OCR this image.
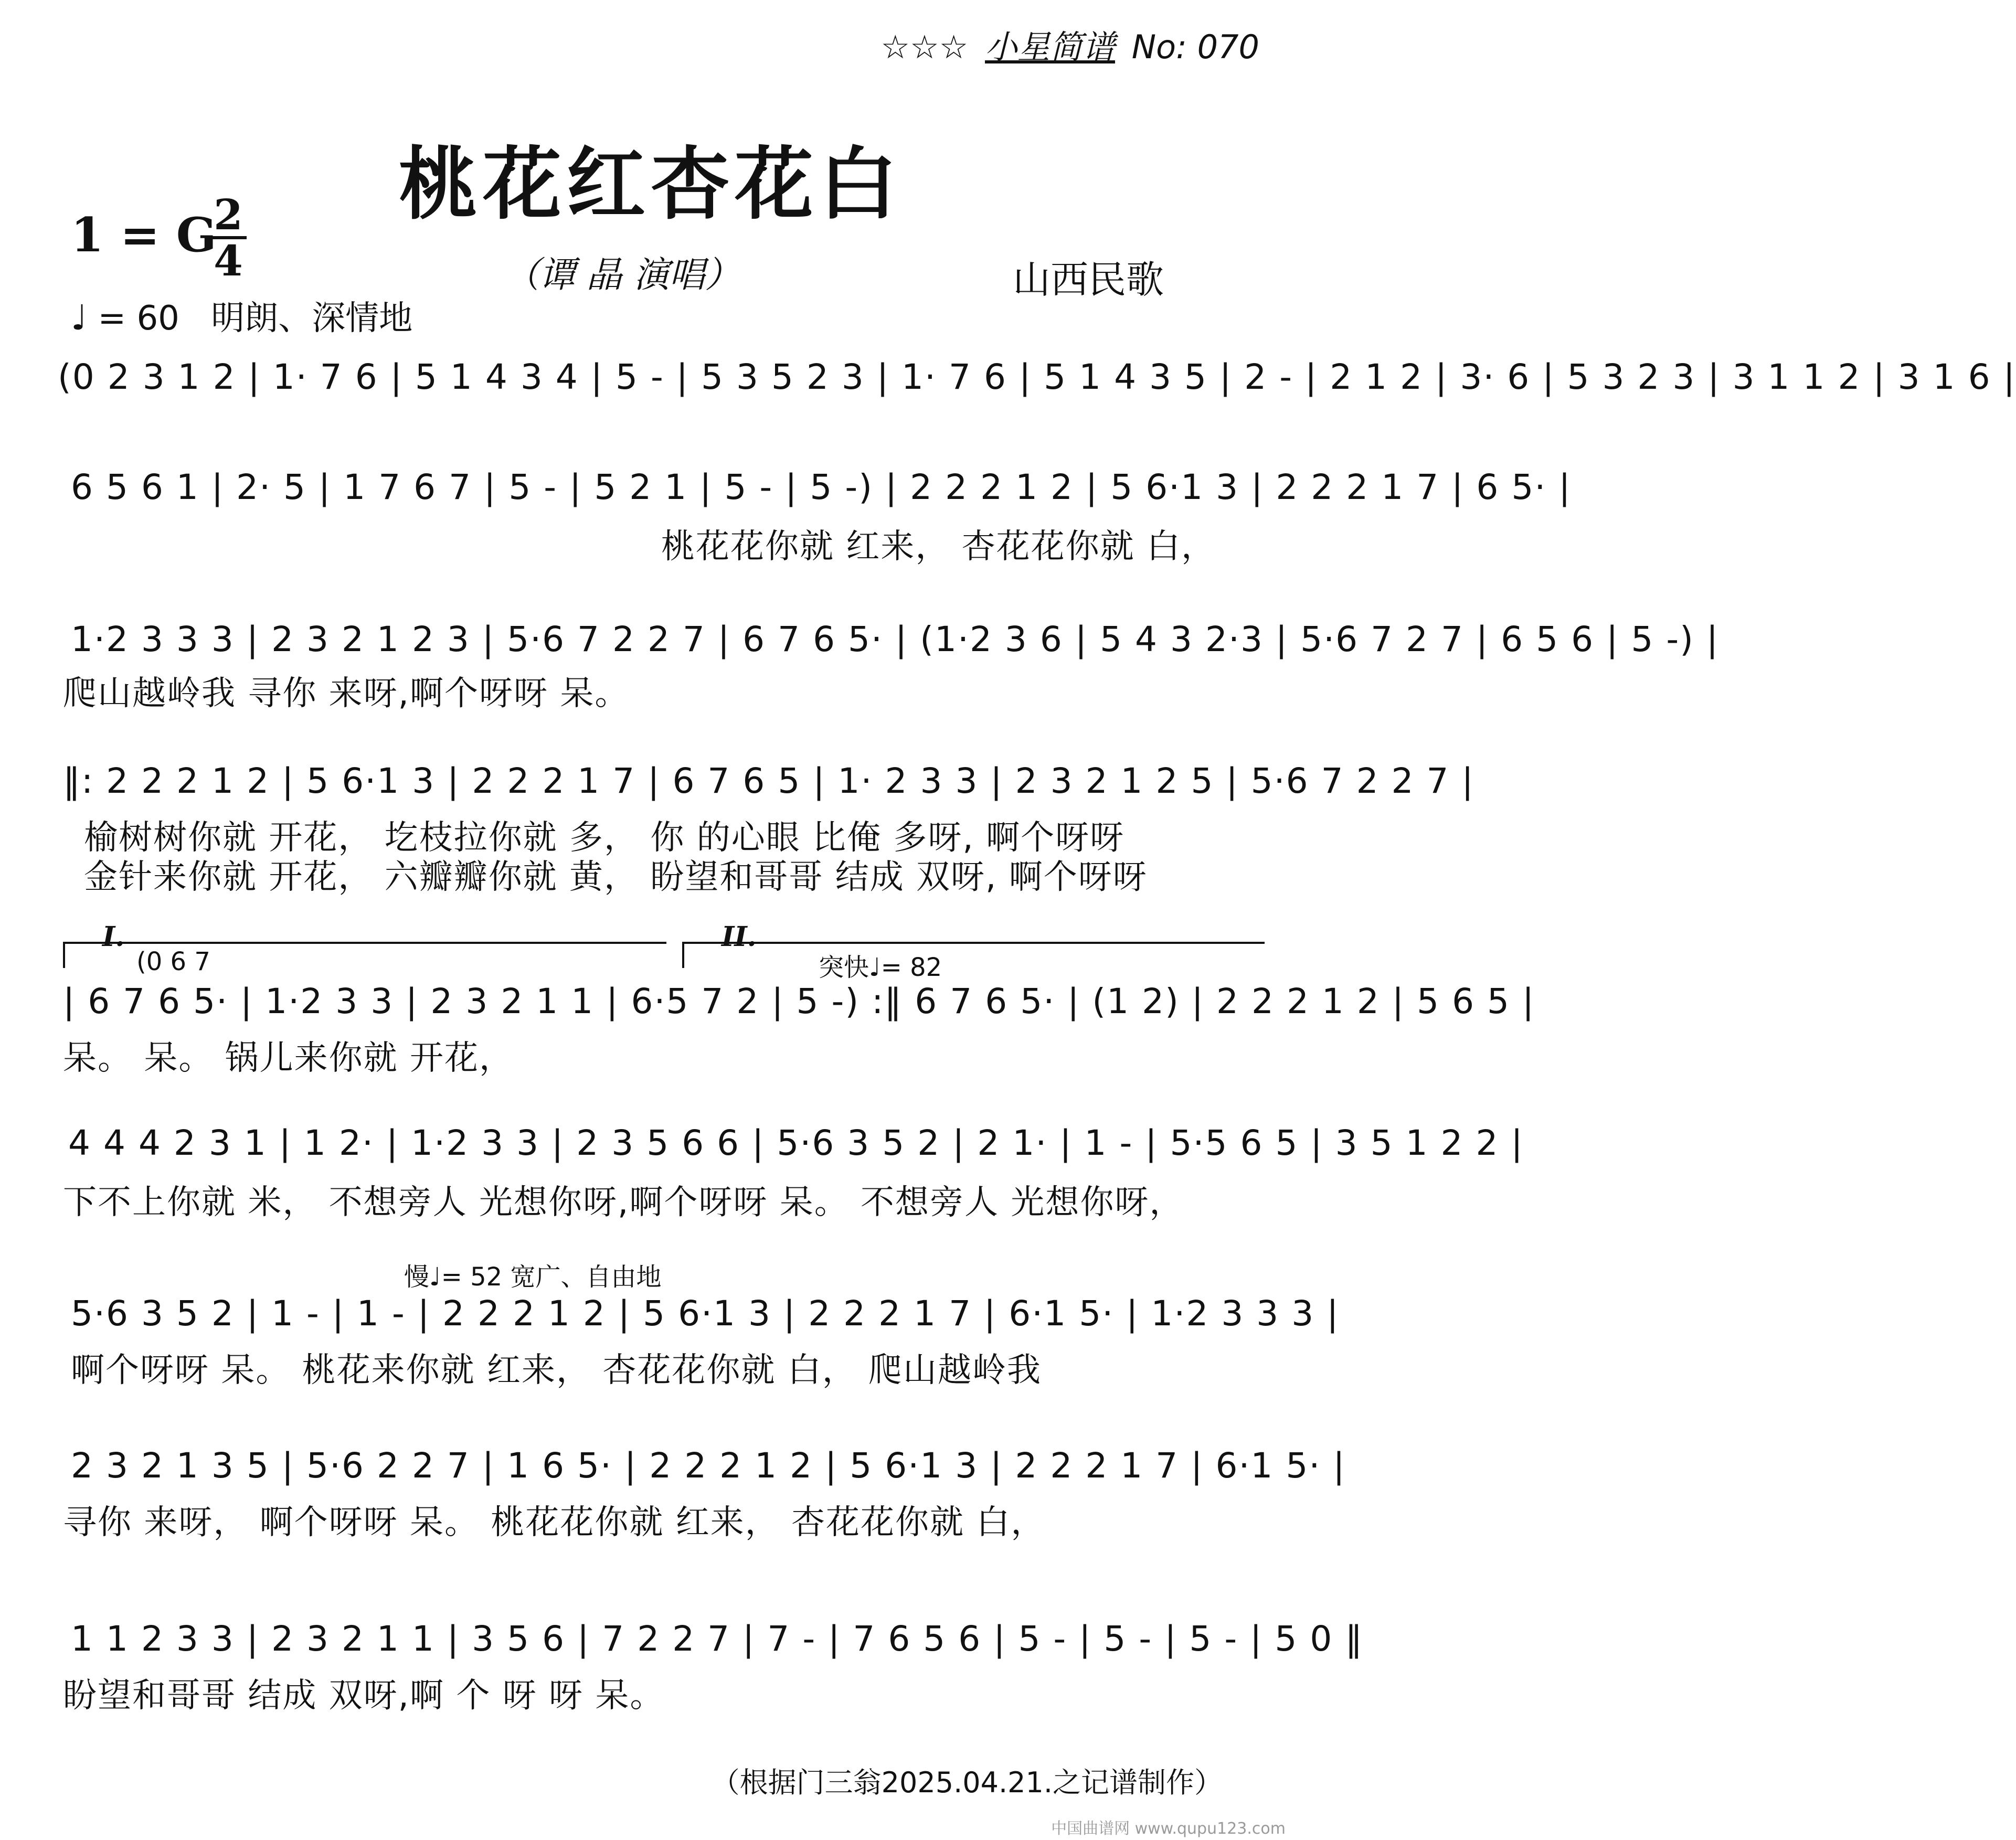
☆☆☆ 小星简谱 No: 070
桃花红杏花白
1 = G
2
4	（谭 晶 演唱）	山西民歌
♩ = 60 明朗、深情地
(0 2 3 1 2 | 1· 7 6 | 5 1 4 3 4 | 5 - | 5 3 5 2 3 | 1· 7 6 | 5 1 4 3 5 | 2 - | 2 1 2 | 3· 6 | 5 3 2 3 | 3 1 1 2 | 3 1 6 |
6 5 6 1 | 2· 5 | 1 7 6 7 | 5 - | 5 2 1 | 5 - | 5 -) | 2 2 2 1 2 | 5 6·1 3 | 2 2 2 1 7 | 6 5· |
桃花花你就 红来， 杏花花你就 白，
1·2 3 3 3 | 2 3 2 1 2 3 | 5·6 7 2 2 7 | 6 7 6 5· | (1·2 3 6 | 5 4 3 2·3 | 5·6 7 2 7 | 6 5 6 | 5 -) |
爬山越岭我 寻你 来呀,啊个呀呀 呆。
‖: 2 2 2 1 2 | 5 6·1 3 | 2 2 2 1 7 | 6 7 6 5 | 1· 2 3 3 | 2 3 2 1 2 5 | 5·6 7 2 2 7 |
榆树树你就 开花， 圪枝拉你就 多， 你 的心眼 比俺 多呀, 啊个呀呀
金针来你就 开花， 六瓣瓣你就 黄， 盼望和哥哥 结成 双呀, 啊个呀呀
I.
(0 6 7
II.
突快♩= 82
| 6 7 6 5· | 1·2 3 3 | 2 3 2 1 1 | 6·5 7 2 | 5 -) :‖ 6 7 6 5· | (1 2) | 2 2 2 1 2 | 5 6 5 |
呆。 呆。 锅儿来你就 开花，
4 4 4 2 3 1 | 1 2· | 1·2 3 3 | 2 3 5 6 6 | 5·6 3 5 2 | 2 1· | 1 - | 5·5 6 5 | 3 5 1 2 2 |
下不上你就 米， 不想旁人 光想你呀,啊个呀呀 呆。 不想旁人 光想你呀，
慢♩= 52 宽广、自由地
5·6 3 5 2 | 1 - | 1 - | 2 2 2 1 2 | 5 6·1 3 | 2 2 2 1 7 | 6·1 5· | 1·2 3 3 3 |
啊个呀呀 呆。 桃花来你就 红来， 杏花花你就 白， 爬山越岭我
2 3 2 1 3 5 | 5·6 2 2 7 | 1 6 5· | 2 2 2 1 2 | 5 6·1 3 | 2 2 2 1 7 | 6·1 5· |
寻你 来呀， 啊个呀呀 呆。 桃花花你就 红来， 杏花花你就 白，
1 1 2 3 3 | 2 3 2 1 1 | 3 5 6 | 7 2 2 7 | 7 - | 7 6 5 6 | 5 - | 5 - | 5 - | 5 0 ‖
盼望和哥哥 结成 双呀,啊 个 呀 呀 呆。
（根据门三翁2025.04.21.之记谱制作）
中国曲谱网 www.qupu123.com
